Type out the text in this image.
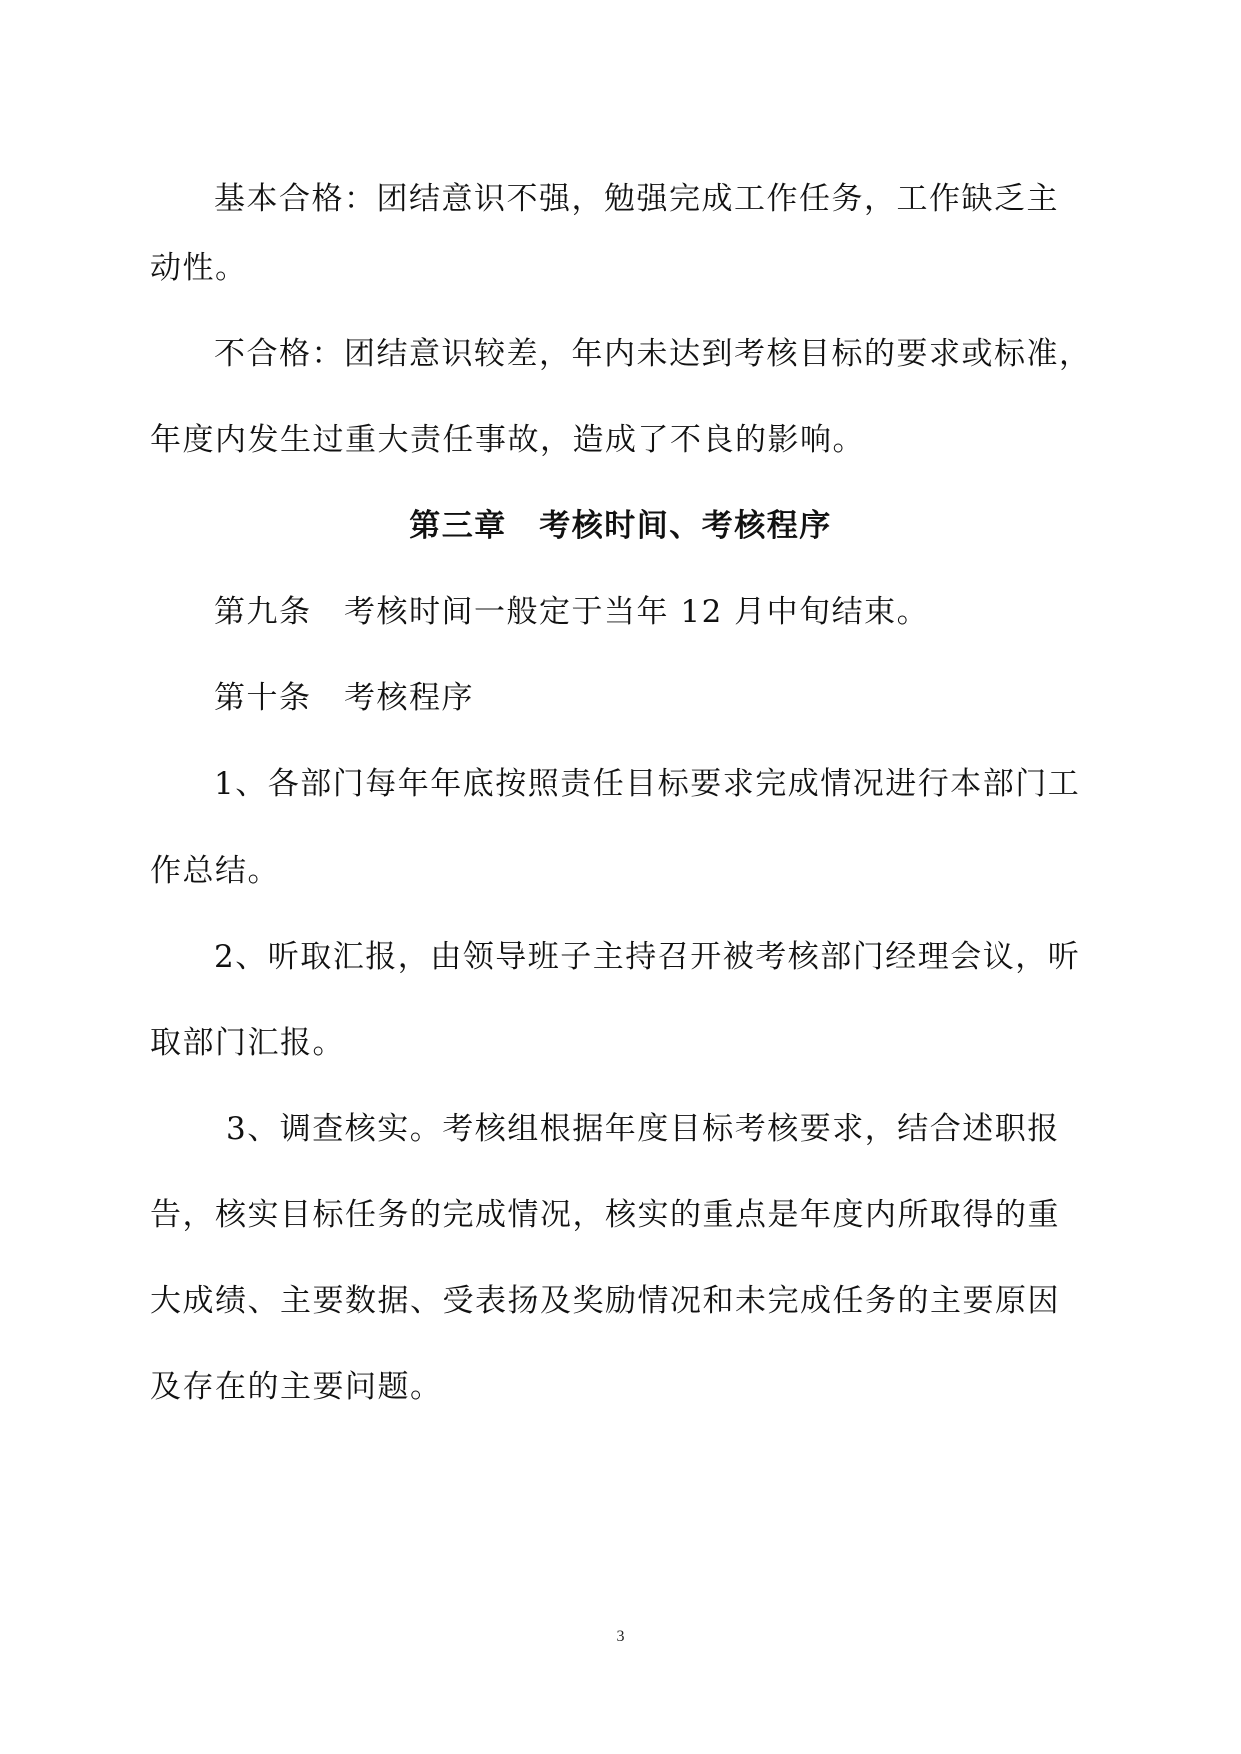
基本合格：团结意识不强，勉强完成工作任务，工作缺乏主
动性。
不合格：团结意识较差，年内未达到考核目标的要求或标准，
年度内发生过重大责任事故，造成了不良的影响。
第三章　考核时间、考核程序
第九条　考核时间一般定于当年 12 月中旬结束。
第十条　考核程序
1、各部门每年年底按照责任目标要求完成情况进行本部门工
作总结。
2、听取汇报，由领导班子主持召开被考核部门经理会议，听
取部门汇报。
3、调查核实。考核组根据年度目标考核要求，结合述职报
告，核实目标任务的完成情况，核实的重点是年度内所取得的重
大成绩、主要数据、受表扬及奖励情况和未完成任务的主要原因
及存在的主要问题。
3
